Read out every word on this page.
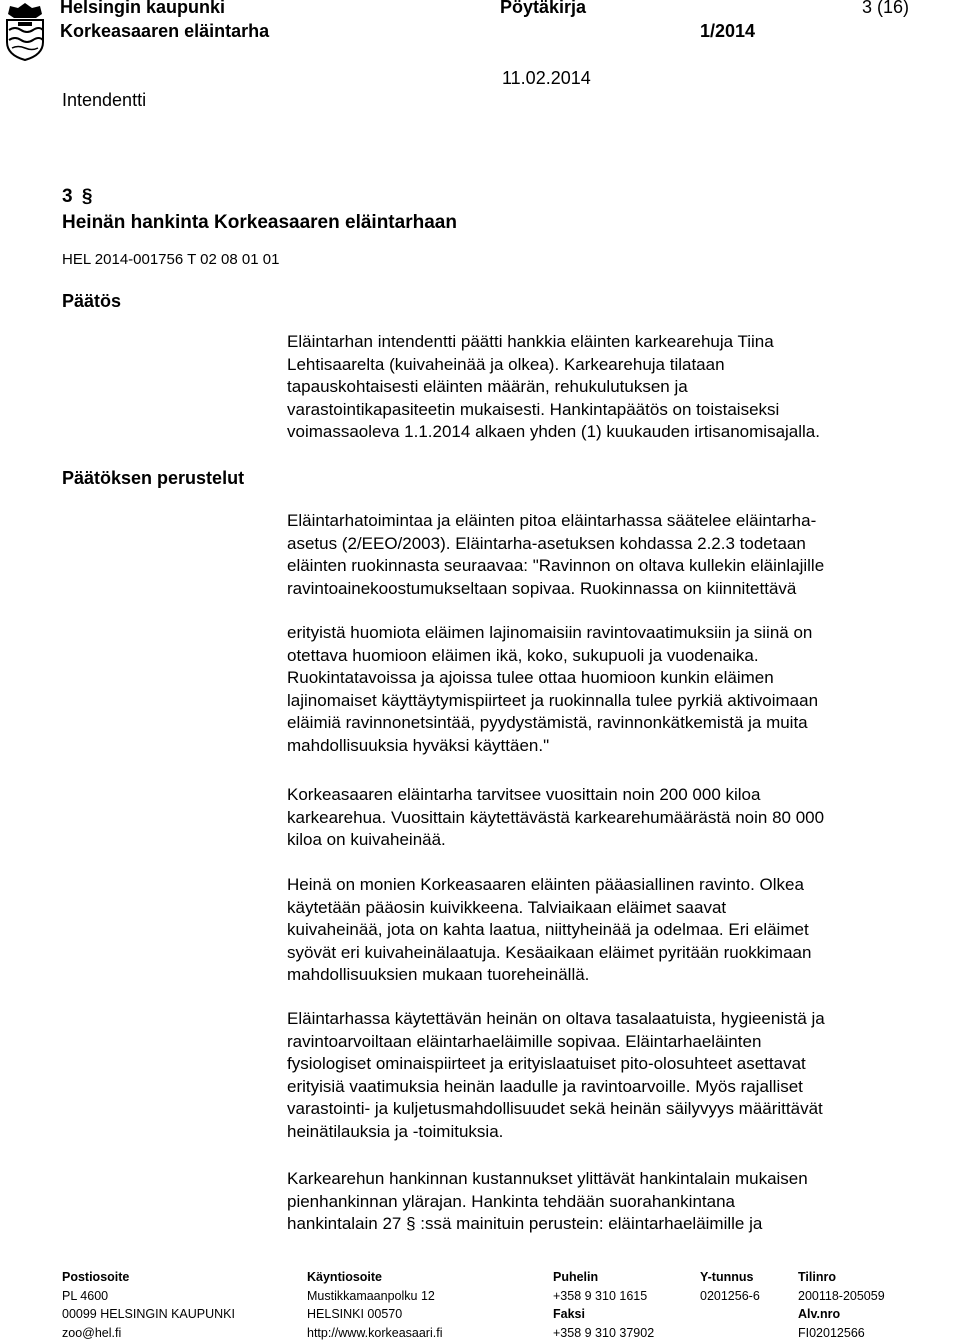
Helsingin kaupunki
Korkeasaaren eläintarha
Pöytäkirja
1/2014
3 (16)
11.02.2014
Intendentti
3 §
Heinän hankinta Korkeasaaren eläintarhaan
HEL 2014-001756 T 02 08 01 01
Päätös
Päätöksen perustelut
Eläintarhan intendentti päätti hankkia eläinten karkearehuja Tiina
Lehtisaarelta (kuivaheinää ja olkea). Karkearehuja tilataan
tapauskohtaisesti eläinten määrän, rehukulutuksen ja
varastointikapasiteetin mukaisesti. Hankintapäätös on toistaiseksi
voimassaoleva 1.1.2014 alkaen yhden (1) kuukauden irtisanomisajalla.
Eläintarhatoimintaa ja eläinten pitoa eläintarhassa säätelee eläintarha-
asetus (2/EEO/2003). Eläintarha-asetuksen kohdassa 2.2.3 todetaan
eläinten ruokinnasta seuraavaa: "Ravinnon on oltava kullekin eläinlajille
ravintoainekoostumukseltaan sopivaa. Ruokinnassa on kiinnitettävä
erityistä huomiota eläimen lajinomaisiin ravintovaatimuksiin ja siinä on
otettava huomioon eläimen ikä, koko, sukupuoli ja vuodenaika.
Ruokintatavoissa ja ajoissa tulee ottaa huomioon kunkin eläimen
lajinomaiset käyttäytymispiirteet ja ruokinnalla tulee pyrkiä aktivoimaan
eläimiä ravinnonetsintää, pyydystämistä, ravinnonkätkemistä ja muita
mahdollisuuksia hyväksi käyttäen."
Korkeasaaren eläintarha tarvitsee vuosittain noin 200 000 kiloa
karkearehua. Vuosittain käytettävästä karkearehumäärästä noin 80 000
kiloa on kuivaheinää.
Heinä on monien Korkeasaaren eläinten pääasiallinen ravinto. Olkea
käytetään pääosin kuivikkeena. Talviaikaan eläimet saavat
kuivaheinää, jota on kahta laatua, niittyheinää ja odelmaa. Eri eläimet
syövät eri kuivaheinälaatuja. Kesäaikaan eläimet pyritään ruokkimaan
mahdollisuuksien mukaan tuoreheinällä.
Eläintarhassa käytettävän heinän on oltava tasalaatuista, hygieenistä ja
ravintoarvoiltaan eläintarhaeläimille sopivaa. Eläintarhaeläinten
fysiologiset ominaispiirteet ja erityislaatuiset pito-olosuhteet asettavat
erityisiä vaatimuksia heinän laadulle ja ravintoarvoille. Myös rajalliset
varastointi- ja kuljetusmahdollisuudet sekä heinän säilyvyys määrittävät
heinätilauksia ja -toimituksia.
Karkearehun hankinnan kustannukset ylittävät hankintalain mukaisen
pienhankinnan ylärajan. Hankinta tehdään suorahankintana
hankintalain 27 § :ssä mainituin perustein: eläintarhaeläimille ja
Postiosoite
PL 4600
00099 HELSINGIN KAUPUNKI
zoo@hel.fi
Käyntiosoite
Mustikkamaanpolku 12
HELSINKI 00570
http://www.korkeasaari.fi
Puhelin
+358 9 310 1615
Faksi
+358 9 310 37902
Y-tunnus
0201256-6
Tilinro
200118-205059
Alv.nro
FI02012566
